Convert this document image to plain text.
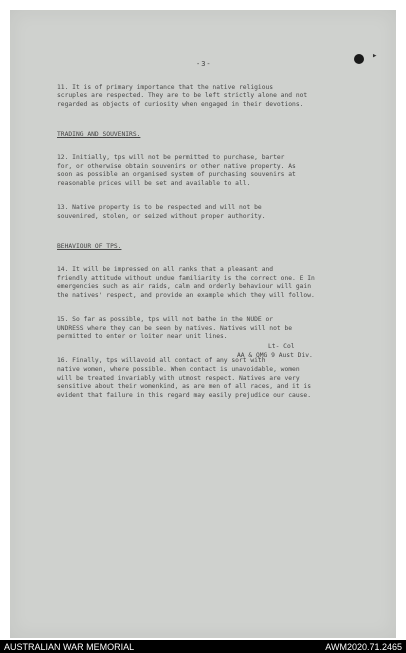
▸
-3-

11. It is of primary importance that the native religious
scruples are respected. They are to be left strictly alone and not
regarded as objects of curiosity when engaged in their devotions.

TRADING AND SOUVENIRS.

12. Initially, tps will not be permitted to purchase, barter
for, or otherwise obtain souvenirs or other native property. As
soon as possible an organised system of purchasing souvenirs at
reasonable prices will be set and available to all.

13. Native property is to be respected and will not be
souvenired, stolen, or seized without proper authority.

BEHAVIOUR OF TPS.

14. It will be impressed on all ranks that a pleasant and
friendly attitude without undue familiarity is the correct one. E In
emergencies such as air raids, calm and orderly behaviour will gain
the natives' respect, and provide an example which they will follow.

15. So far as possible, tps will not bathe in the NUDE or
UNDRESS where they can be seen by natives. Natives will not be
permitted to enter or loiter near unit lines.

16. Finally, tps willavoid all contact of any sort with
native women, where possible. When contact is unavoidable, women
will be treated invariably with utmost respect. Natives are very
sensitive about their womenkind, as are men of all races, and it is
evident that failure in this regard may easily prejudice our cause.

Lt- Col
AA & QMG 9 Aust Div.
AUSTRALIAN WAR MEMORIAL	AWM2020.71.2465
